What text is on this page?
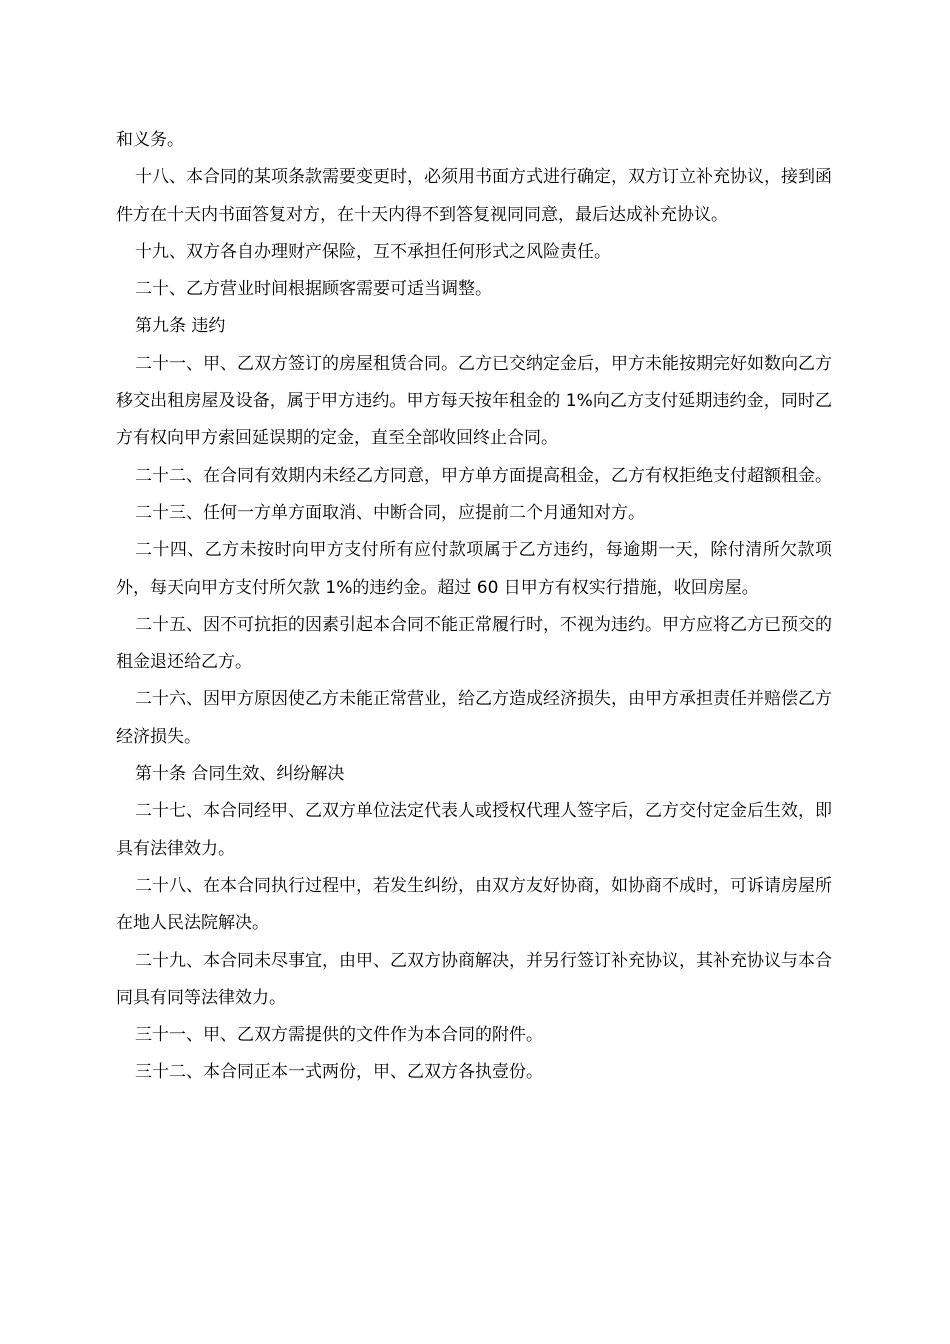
和义务。

十八、本合同的某项条款需要变更时，必须用书面方式进行确定，双方订立补充协议，接到函件方在十天内书面答复对方，在十天内得不到答复视同同意，最后达成补充协议。

十九、双方各自办理财产保险，互不承担任何形式之风险责任。

二十、乙方营业时间根据顾客需要可适当调整。

第九条 违约

二十一、甲、乙双方签订的房屋租赁合同。乙方已交纳定金后，甲方未能按期完好如数向乙方移交出租房屋及设备，属于甲方违约。甲方每天按年租金的 1%向乙方支付延期违约金，同时乙方有权向甲方索回延误期的定金，直至全部收回终止合同。

二十二、在合同有效期内未经乙方同意，甲方单方面提高租金，乙方有权拒绝支付超额租金。

二十三、任何一方单方面取消、中断合同，应提前二个月通知对方。

二十四、乙方未按时向甲方支付所有应付款项属于乙方违约，每逾期一天，除付清所欠款项外，每天向甲方支付所欠款 1%的违约金。超过 60 日甲方有权实行措施，收回房屋。

二十五、因不可抗拒的因素引起本合同不能正常履行时，不视为违约。甲方应将乙方已预交的租金退还给乙方。

二十六、因甲方原因使乙方未能正常营业，给乙方造成经济损失，由甲方承担责任并赔偿乙方经济损失。

第十条 合同生效、纠纷解决

二十七、本合同经甲、乙双方单位法定代表人或授权代理人签字后，乙方交付定金后生效，即具有法律效力。

二十八、在本合同执行过程中，若发生纠纷，由双方友好协商，如协商不成时，可诉请房屋所在地人民法院解决。

二十九、本合同未尽事宜，由甲、乙双方协商解决，并另行签订补充协议，其补充协议与本合同具有同等法律效力。

三十一、甲、乙双方需提供的文件作为本合同的附件。

三十二、本合同正本一式两份，甲、乙双方各执壹份。
